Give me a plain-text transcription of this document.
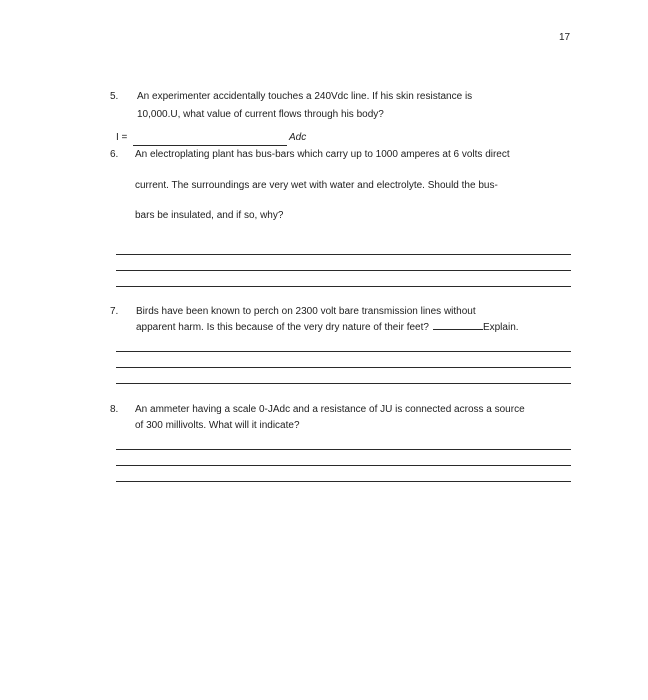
17
5. An experimenter accidentally touches a 240Vdc line. If his skin resistance is
10,000.U, what value of current flows through his body?
I =	Adc
6. An electroplating plant has bus-bars which carry up to 1000 amperes at 6 volts direct
current. The surroundings are very wet with water and electrolyte. Should the bus-
bars be insulated, and if so, why?
7. Birds have been known to perch on 2300 volt bare transmission lines without
apparent harm. Is this because of the very dry nature of their feet?	Explain.
8. An ammeter having a scale 0-JAdc and a resistance of JU is connected across a source
of 300 millivolts. What will it indicate?
